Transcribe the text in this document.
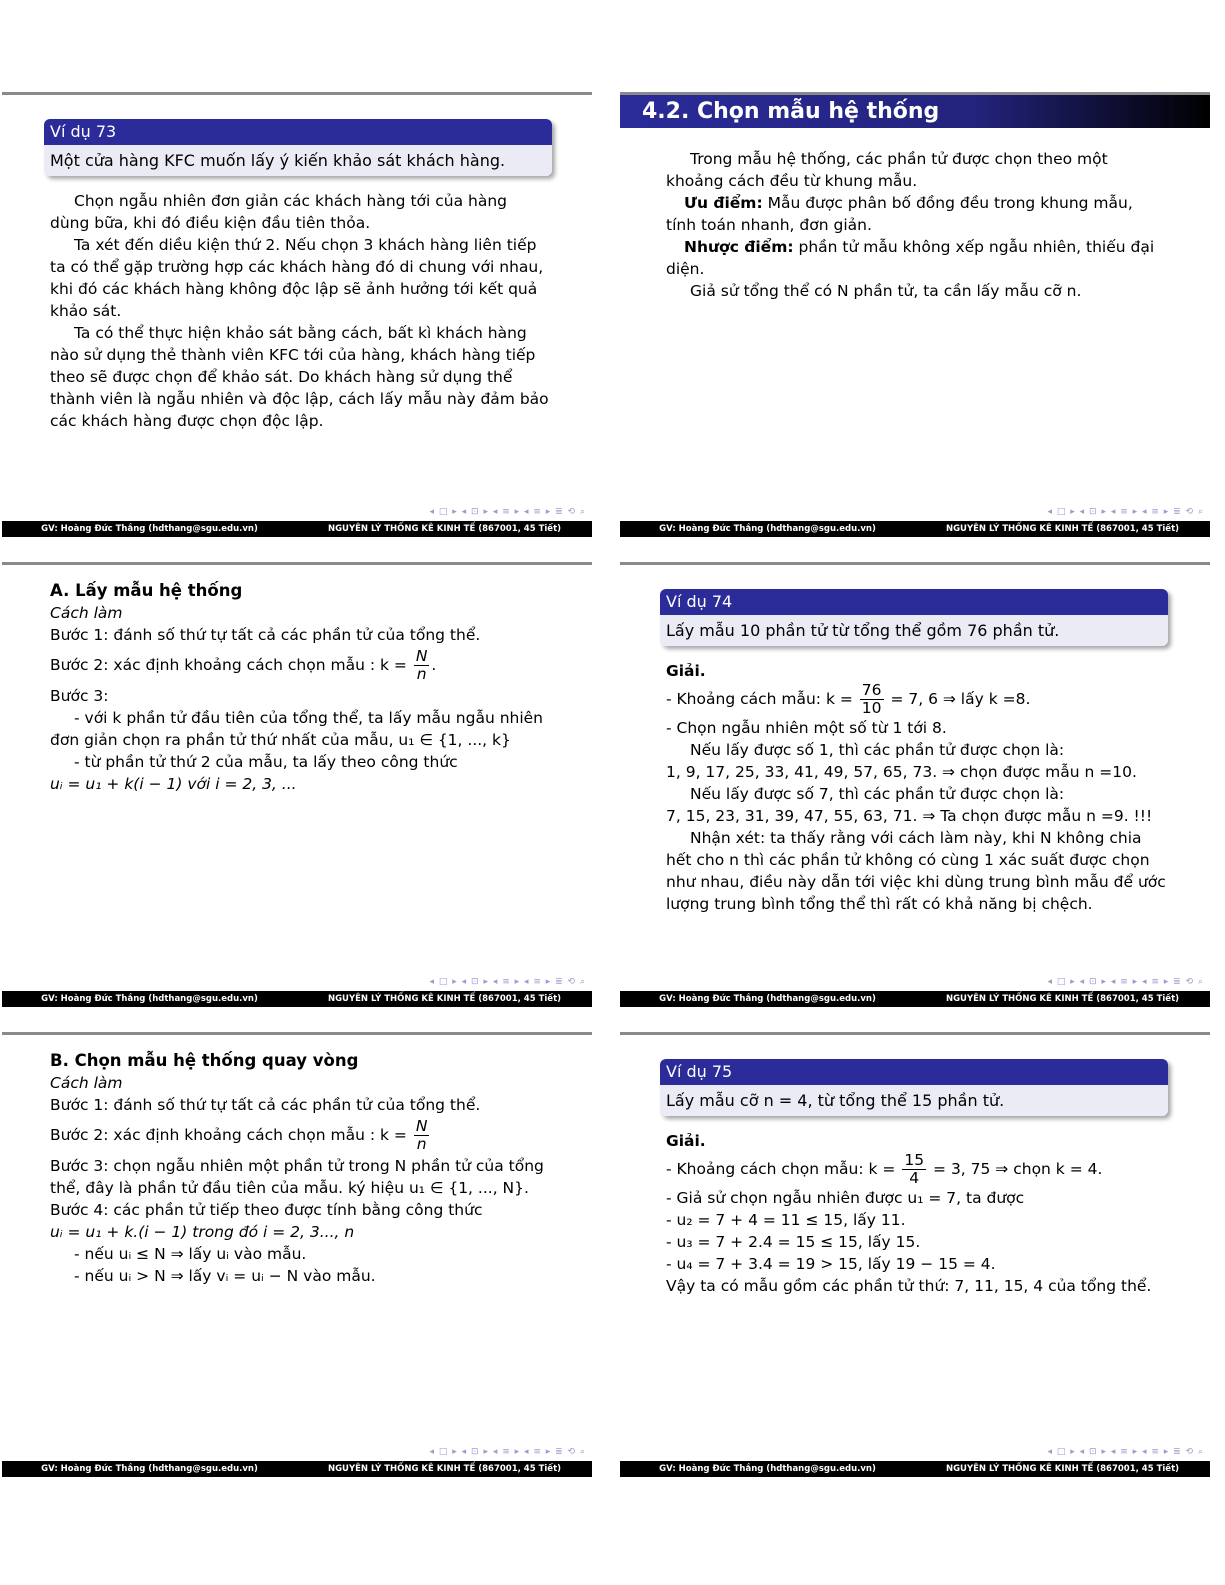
Ví dụ 73
Một cửa hàng KFC muốn lấy ý kiến khảo sát khách hàng.
Chọn ngẫu nhiên đơn giản các khách hàng tới của hàng dùng bữa, khi đó điều kiện đầu tiên thỏa.
Ta xét đến diều kiện thứ 2. Nếu chọn 3 khách hàng liên tiếp ta có thể gặp trường hợp các khách hàng đó di chung với nhau, khi đó các khách hàng không độc lập sẽ ảnh hưởng tới kết quả khảo sát.
Ta có thể thực hiện khảo sát bằng cách, bất kì khách hàng nào sử dụng thẻ thành viên KFC tới của hàng, khách hàng tiếp theo sẽ được chọn để khảo sát. Do khách hàng sử dụng thể thành viên là ngẫu nhiên và độc lập, cách lấy mẫu này đảm bảo các khách hàng được chọn độc lập.
◂ □ ▸ ◂ ⊡ ▸ ◂ ≡ ▸ ◂ ≡ ▸ ≣ ⟲ ⌕
GV: Hoàng Đức Thắng (hdthang@sgu.edu.vn)	NGUYÊN LÝ THỐNG KÊ KINH TẾ (867001, 45 Tiết)
4.2. Chọn mẫu hệ thống
Trong mẫu hệ thống, các phần tử được chọn theo một khoảng cách đều từ khung mẫu.
Ưu điểm: Mẫu được phân bố đồng đều trong khung mẫu, tính toán nhanh, đơn giản.
Nhược điểm: phần tử mẫu không xếp ngẫu nhiên, thiếu đại diện.
Giả sử tổng thể có N phần tử, ta cần lấy mẫu cỡ n.
◂ □ ▸ ◂ ⊡ ▸ ◂ ≡ ▸ ◂ ≡ ▸ ≣ ⟲ ⌕
GV: Hoàng Đức Thắng (hdthang@sgu.edu.vn)	NGUYÊN LÝ THỐNG KÊ KINH TẾ (867001, 45 Tiết)
A. Lấy mẫu hệ thống
Cách làm
Bước 1: đánh số thứ tự tất cả các phần tử của tổng thể.
Bước 2: xác định khoảng cách chọn mẫu : $k = \frac{N}{n}$ .
Bước 3:
- với k phần tử đầu tiên của tổng thể, ta lấy mẫu ngẫu nhiên
đơn giản chọn ra phần tử thứ nhất của mẫu, u₁ ∈ {1, ..., k}
- từ phần tử thứ 2 của mẫu, ta lấy theo công thức
uᵢ = u₁ + k(i − 1) với i = 2, 3, ...
◂ □ ▸ ◂ ⊡ ▸ ◂ ≡ ▸ ◂ ≡ ▸ ≣ ⟲ ⌕
GV: Hoàng Đức Thắng (hdthang@sgu.edu.vn)	NGUYÊN LÝ THỐNG KÊ KINH TẾ (867001, 45 Tiết)
Ví dụ 74
Lấy mẫu 10 phần tử từ tổng thể gồm 76 phần tử.
Giải.
- Khoảng cách mẫu: $k = \frac{76}{10} = 7$, 6 ⇒ lấy k =8.
- Chọn ngẫu nhiên một số từ 1 tới 8.
Nếu lấy được số 1, thì các phần tử được chọn là:
1, 9, 17, 25, 33, 41, 49, 57, 65, 73. ⇒ chọn được mẫu n =10.
Nếu lấy được số 7, thì các phần tử được chọn là:
7, 15, 23, 31, 39, 47, 55, 63, 71. ⇒ Ta chọn được mẫu n =9. !!!
Nhận xét: ta thấy rằng với cách làm này, khi N không chia hết cho n thì các phần tử không có cùng 1 xác suất được chọn như nhau, điều này dẫn tới việc khi dùng trung bình mẫu để ước lượng trung bình tổng thể thì rất có khả năng bị chệch.
◂ □ ▸ ◂ ⊡ ▸ ◂ ≡ ▸ ◂ ≡ ▸ ≣ ⟲ ⌕
GV: Hoàng Đức Thắng (hdthang@sgu.edu.vn)	NGUYÊN LÝ THỐNG KÊ KINH TẾ (867001, 45 Tiết)
B. Chọn mẫu hệ thống quay vòng
Cách làm
Bước 1: đánh số thứ tự tất cả các phần tử của tổng thể.
Bước 2: xác định khoảng cách chọn mẫu : $k = \frac{N}{n}$
Bước 3: chọn ngẫu nhiên một phần tử trong N phần tử của tổng thể, đây là phần tử đầu tiên của mẫu. ký hiệu u₁ ∈ {1, ..., N}.
Bước 4: các phần tử tiếp theo được tính bằng công thức
uᵢ = u₁ + k.(i − 1) trong đó i = 2, 3..., n
- nếu uᵢ ≤ N ⇒ lấy uᵢ vào mẫu.
- nếu uᵢ > N ⇒ lấy vᵢ = uᵢ − N vào mẫu.
◂ □ ▸ ◂ ⊡ ▸ ◂ ≡ ▸ ◂ ≡ ▸ ≣ ⟲ ⌕
GV: Hoàng Đức Thắng (hdthang@sgu.edu.vn)	NGUYÊN LÝ THỐNG KÊ KINH TẾ (867001, 45 Tiết)
Ví dụ 75
Lấy mẫu cỡ n = 4, từ tổng thể 15 phần tử.
Giải.
- Khoảng cách chọn mẫu: $k = \frac{15}{4} = 3$, 75 ⇒ chọn k = 4.
- Giả sử chọn ngẫu nhiên được u₁ = 7, ta được
- u₂ = 7 + 4 = 11 ≤ 15, lấy 11.
- u₃ = 7 + 2.4 = 15 ≤ 15, lấy 15.
- u₄ = 7 + 3.4 = 19 > 15, lấy 19 − 15 = 4.
Vậy ta có mẫu gồm các phần tử thứ: 7, 11, 15, 4 của tổng thể.
◂ □ ▸ ◂ ⊡ ▸ ◂ ≡ ▸ ◂ ≡ ▸ ≣ ⟲ ⌕
GV: Hoàng Đức Thắng (hdthang@sgu.edu.vn)	NGUYÊN LÝ THỐNG KÊ KINH TẾ (867001, 45 Tiết)
